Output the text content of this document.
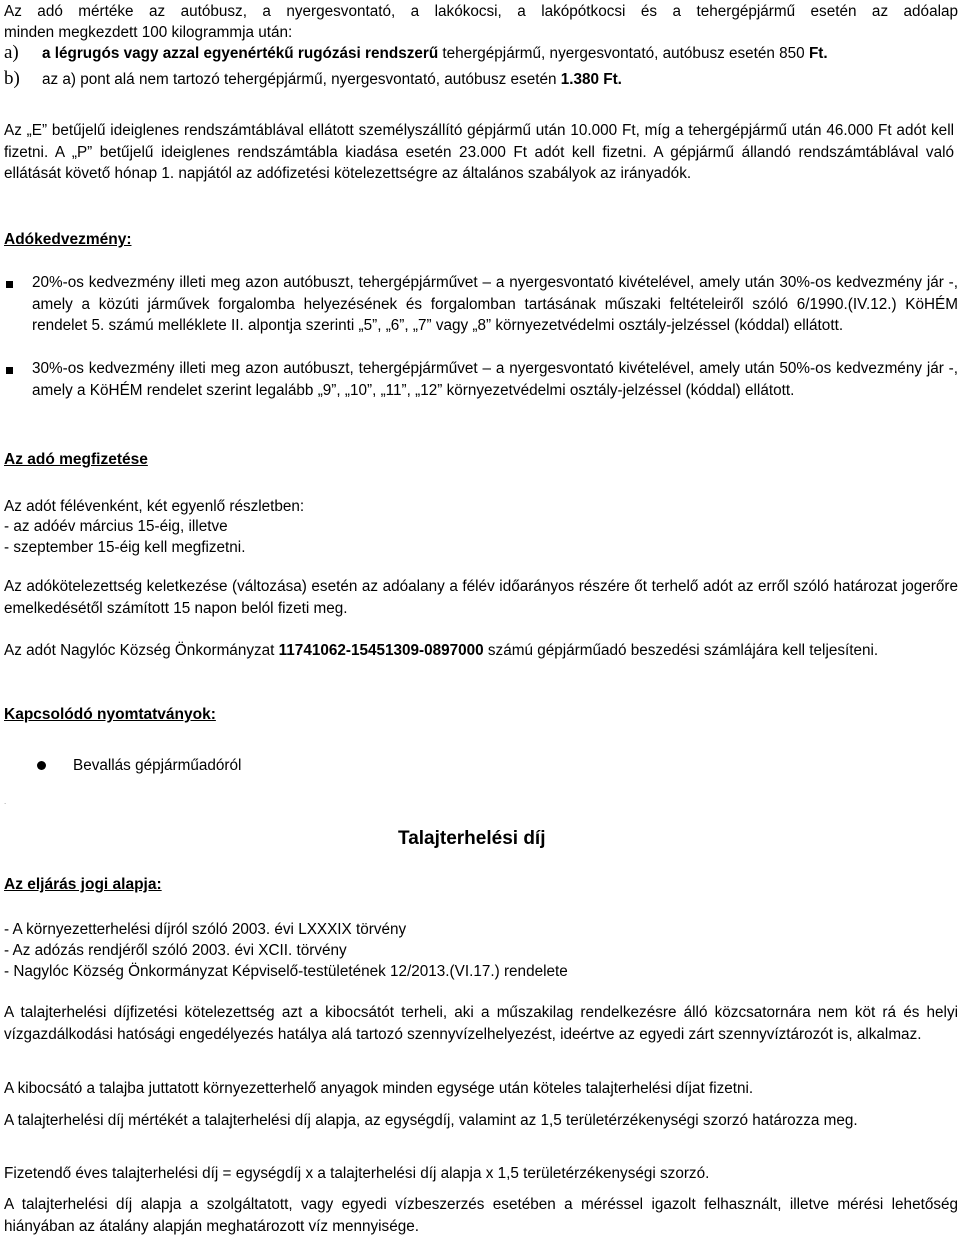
Az adó mértéke az autóbusz, a nyergesvontató, a lakókocsi, a lakópótkocsi és a tehergépjármű esetén az adóalap
minden megkezdett 100 kilogrammja után:
a) a légrugós vagy azzal egyenértékű rugózási rendszerű tehergépjármű, nyergesvontató, autóbusz esetén 850 Ft.
b) az a) pont alá nem tartozó tehergépjármű, nyergesvontató, autóbusz esetén 1.380 Ft.
Az „E” betűjelű ideiglenes rendszámtáblával ellátott személyszállító gépjármű után 10.000 Ft, míg a tehergépjármű után 46.000 Ft adót kell fizetni. A „P” betűjelű ideiglenes rendszámtábla kiadása esetén 23.000 Ft adót kell fizetni. A gépjármű állandó rendszámtáblával való ellátását követő hónap 1. napjától az adófizetési kötelezettségre az általános szabályok az irányadók.
Adókedvezmény:
20%-os kedvezmény illeti meg azon autóbuszt, tehergépjárművet – a nyergesvontató kivételével, amely után 30%-os kedvezmény jár -, amely a közúti járművek forgalomba helyezésének és forgalomban tartásának műszaki feltételeiről szóló 6/1990.(IV.12.) KöHÉM rendelet 5. számú melléklete II. alpontja szerinti „5”, „6”, „7” vagy „8” környezetvédelmi osztály-jelzéssel (kóddal) ellátott.
30%-os kedvezmény illeti meg azon autóbuszt, tehergépjárművet – a nyergesvontató kivételével, amely után 50%-os kedvezmény jár -, amely a KöHÉM rendelet szerint legalább „9”, „10”, „11”, „12” környezetvédelmi osztály-jelzéssel (kóddal) ellátott.
Az adó megfizetése
Az adót félévenként, két egyenlő részletben:
- az adóév március 15-éig, illetve
- szeptember 15-éig kell megfizetni.
Az adókötelezettség keletkezése (változása) esetén az adóalany a félév időarányos részére őt terhelő adót az erről szóló határozat jogerőre emelkedésétől számított 15 napon belól fizeti meg.
Az adót Nagylóc Község Önkormányzat 11741062-15451309-0897000 számú gépjárműadó beszedési számlájára kell teljesíteni.
Kapcsolódó nyomtatványok:
Bevallás gépjárműadóról
.
Talajterhelési díj
Az eljárás jogi alapja:
- A környezetterhelési díjról szóló 2003. évi LXXXIX törvény
- Az adózás rendjéről szóló 2003. évi XCII. törvény
- Nagylóc Község Önkormányzat Képviselő-testületének 12/2013.(VI.17.) rendelete
A talajterhelési díjfizetési kötelezettség azt a kibocsátót terheli, aki a műszakilag rendelkezésre álló közcsatornára nem köt rá és helyi vízgazdálkodási hatósági engedélyezés hatálya alá tartozó szennyvízelhelyezést, ideértve az egyedi zárt szennyvíztározót is, alkalmaz.
A kibocsátó a talajba juttatott környezetterhelő anyagok minden egysége után köteles talajterhelési díjat fizetni.
A talajterhelési díj mértékét a talajterhelési díj alapja, az egységdíj, valamint az 1,5 területérzékenységi szorzó határozza meg.
Fizetendő éves talajterhelési díj = egységdíj x a talajterhelési díj alapja x 1,5 területérzékenységi szorzó.
A talajterhelési díj alapja a szolgáltatott, vagy egyedi vízbeszerzés esetében a méréssel igazolt felhasznált, illetve mérési lehetőség hiányában az átalány alapján meghatározott víz mennyisége.
